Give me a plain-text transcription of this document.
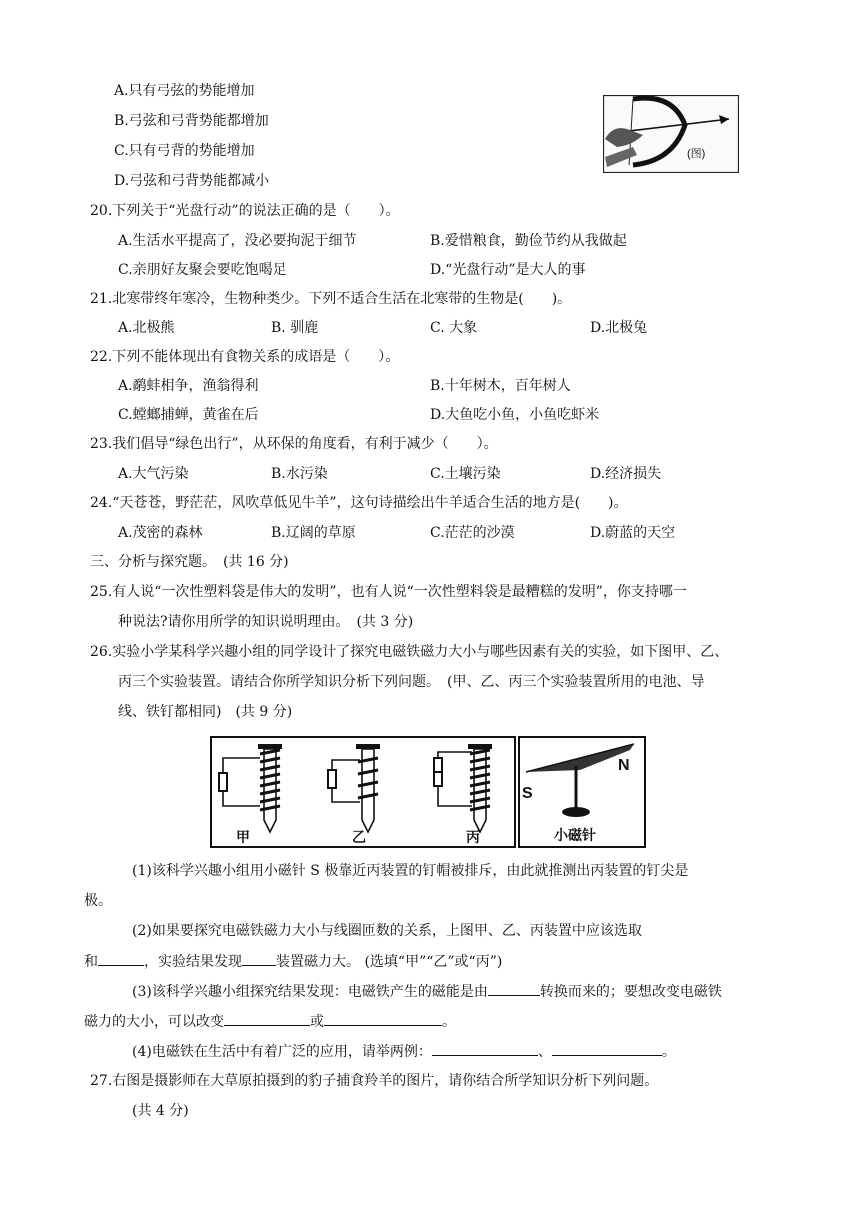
A.只有弓弦的势能增加
B.弓弦和弓背势能都增加
C.只有弓背的势能增加
D.弓弦和弓背势能都减小
(图)
20.下列关于“光盘行动”的说法正确的是（　　）。
A.生活水平提高了，没必要拘泥于细节	B.爱惜粮食，勤俭节约从我做起
C.亲朋好友聚会要吃饱喝足	D.“光盘行动”是大人的事
21.北寒带终年寒冷，生物种类少。下列不适合生活在北寒带的生物是(　　)。
A.北极熊	B. 驯鹿	C. 大象	D.北极兔
22.下列不能体现出有食物关系的成语是（　　）。
A.鹬蚌相争，渔翁得利	B.十年树木，百年树人
C.螳螂捕蝉，黄雀在后	D.大鱼吃小鱼，小鱼吃虾米
23.我们倡导“绿色出行”，从环保的角度看，有利于减少（　　）。
A.大气污染	B.水污染	C.土壤污染	D.经济损失
24.“天苍苍，野茫茫，风吹草低见牛羊”，这句诗描绘出牛羊适合生活的地方是(　　)。
A.茂密的森林	B.辽阔的草原	C.茫茫的沙漠	D.蔚蓝的天空
三、分析与探究题。　(共 16 分)
25.有人说“一次性塑料袋是伟大的发明”，也有人说“一次性塑料袋是最糟糕的发明”，你支持哪一
种说法?请你用所学的知识说明理由。　(共 3 分)
26.实验小学某科学兴趣小组的同学设计了探究电磁铁磁力大小与哪些因素有关的实验，如下图甲、乙、
丙三个实验装置。请结合你所学知识分析下列问题。　(甲、乙、丙三个实验装置所用的电池、导
线、铁钉都相同)　(共 9 分)
甲	乙	丙
S
N
小磁针
(1)该科学兴趣小组用小磁针 S 极靠近丙装置的钉帽被排斥，由此就推测出丙装置的钉尖是
极。
(2)如果要探究电磁铁磁力大小与线圈匝数的关系，上图甲、乙、丙装置中应该选取
和	，实验结果发现 装置磁力大。 (选填“甲”“乙”或“丙”)
(3)该科学兴趣小组探究结果发现：电磁铁产生的磁能是由	转换而来的；要想改变电磁铁
磁力的大小，可以改变	或	。
(4)电磁铁在生活中有着广泛的应用，请举两例：	、	。
27.右图是摄影师在大草原拍摄到的豹子捕食羚羊的图片，请你结合所学知识分析下列问题。
(共 4 分)
